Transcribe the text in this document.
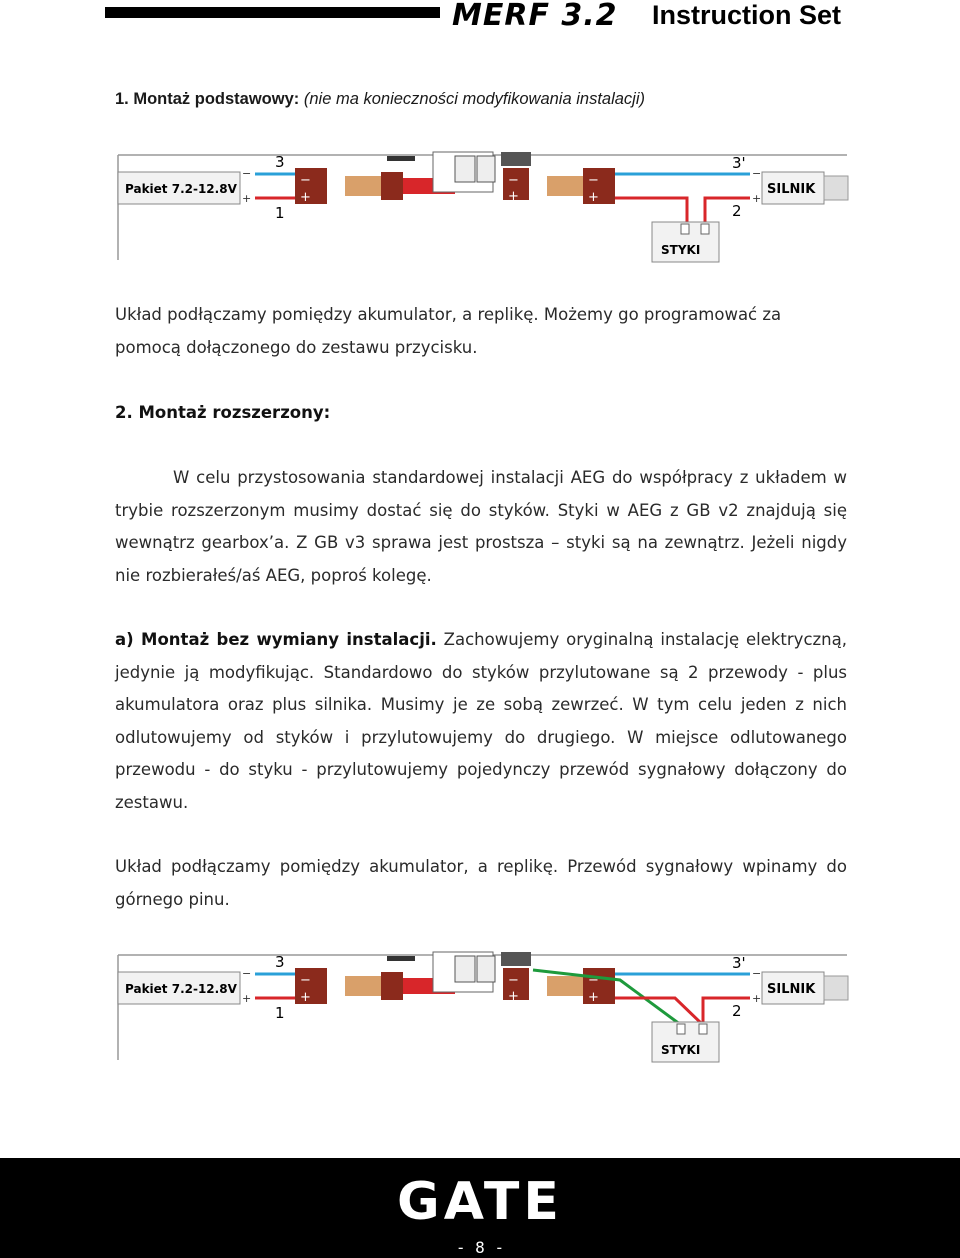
MERF 3.2 Instruction Set
1. Montaż podstawowy: (nie ma konieczności modyfikowania instalacji)
Pakiet 7.2-12.8V
−
+
3
1
−
+
−
+
−
+
3'
2
−
+
SILNIK
STYKI
Układ podłączamy pomiędzy akumulator, a replikę. Możemy go programować za
pomocą dołączonego do zestawu przycisku.
2. Montaż rozszerzony:
W celu przystosowania standardowej instalacji AEG do współpracy z układem w trybie rozszerzonym musimy dostać się do styków. Styki w AEG z GB v2 znajdują się wewnątrz gearbox’a. Z GB v3 sprawa jest prostsza – styki są na zewnątrz. Jeżeli nigdy nie rozbierałeś/aś AEG, poproś kolegę.
a) Montaż bez wymiany instalacji. Zachowujemy oryginalną instalację elektryczną, jedynie ją modyfikując. Standardowo do styków przylutowane są 2 przewody - plus akumulatora oraz plus silnika. Musimy je ze sobą zewrzeć. W tym celu jeden z nich odlutowujemy od styków i przylutowujemy do drugiego. W miejsce odlutowanego przewodu - do styku - przylutowujemy pojedynczy przewód sygnałowy dołączony do zestawu.
Układ podłączamy pomiędzy akumulator, a replikę. Przewód sygnałowy wpinamy do górnego pinu.
Pakiet 7.2-12.8V
−
+
3
1
−
+
−
+
−
+
3'
2
−
+
SILNIK
STYKI
GATE
- 8 -
